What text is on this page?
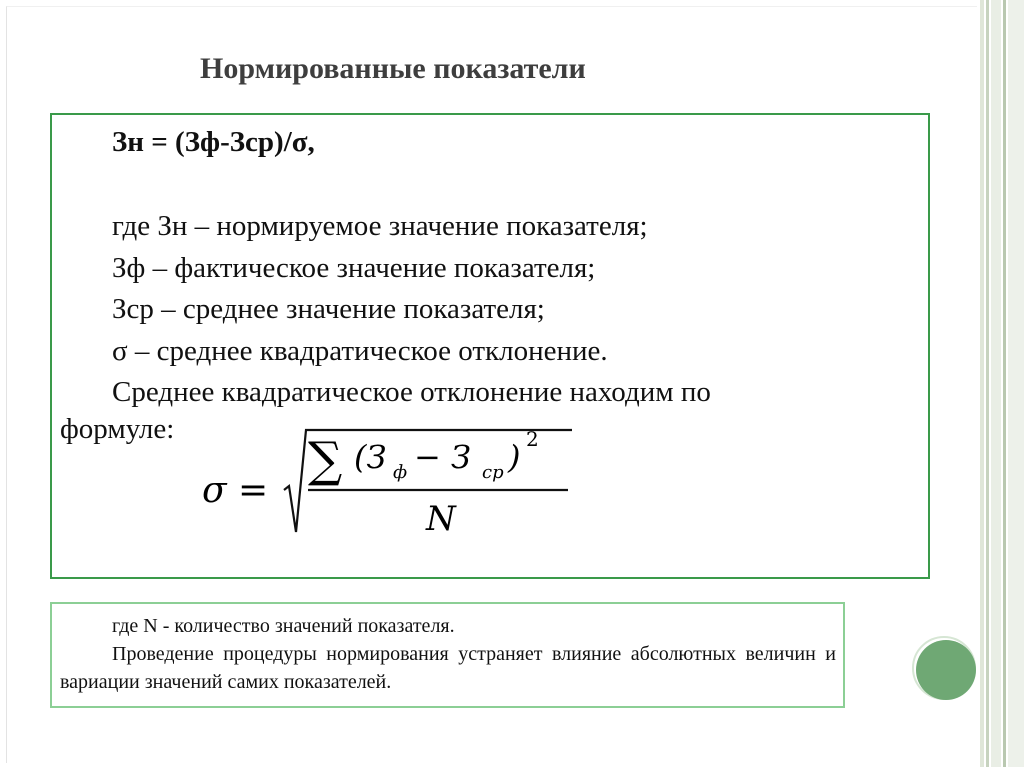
Нормированные показатели
Зн = (Зф-Зср)/σ,
где Зн – нормируемое значение показателя;
Зф – фактическое значение показателя;
Зср – среднее значение показателя;
σ – среднее квадратическое отклонение.
Среднее квадратическое отклонение находим по
формуле:
σ =
∑ (З ф − З ср ) 2
N
где N - количество значений показателя.
Проведение процедуры нормирования устраняет влияние абсолютных величин и вариации значений самих показателей.
